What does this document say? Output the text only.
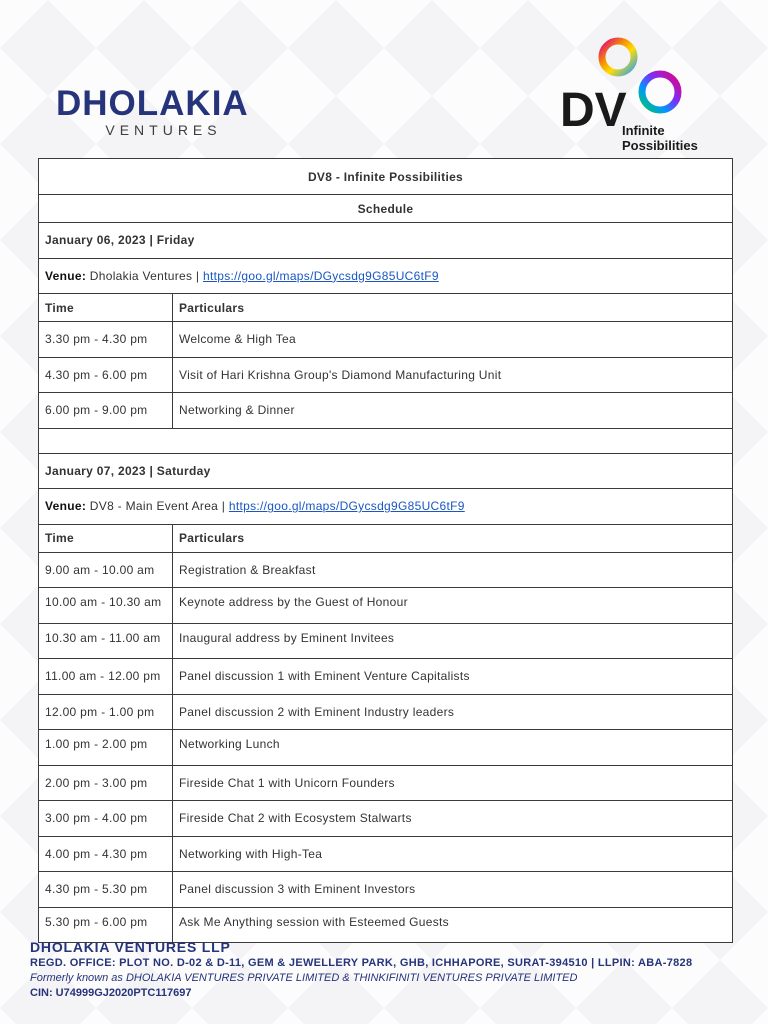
DHOLAKIA
VENTURES	DV
Infinite
Possibilities
DV8 - Infinite Possibilities	
Schedule	
January 06, 2023 | Friday	
Venue: Dholakia Ventures | https://goo.gl/maps/DGycsdg9G85UC6tF9	
Time	Particulars
3.30 pm - 4.30 pm	Welcome & High Tea
4.30 pm - 6.00 pm	Visit of Hari Krishna Group's Diamond Manufacturing Unit
6.00 pm - 9.00 pm	Networking & Dinner

January 07, 2023 | Saturday	
Venue: DV8 - Main Event Area | https://goo.gl/maps/DGycsdg9G85UC6tF9	
Time	Particulars
9.00 am - 10.00 am	Registration & Breakfast
10.00 am - 10.30 am	Keynote address by the Guest of Honour
10.30 am - 11.00 am	Inaugural address by Eminent Invitees
11.00 am - 12.00 pm	Panel discussion 1 with Eminent Venture Capitalists
12.00 pm - 1.00 pm	Panel discussion 2 with Eminent Industry leaders
1.00 pm - 2.00 pm	Networking Lunch
2.00 pm - 3.00 pm	Fireside Chat 1 with Unicorn Founders
3.00 pm - 4.00 pm	Fireside Chat 2 with Ecosystem Stalwarts
4.00 pm - 4.30 pm	Networking with High-Tea
4.30 pm - 5.30 pm	Panel discussion 3 with Eminent Investors
5.30 pm - 6.00 pm	Ask Me Anything session with Esteemed Guests
DHOLAKIA VENTURES LLP
REGD. OFFICE: PLOT NO. D-02 & D-11, GEM & JEWELLERY PARK, GHB, ICHHAPORE, SURAT-394510 | LLPIN: ABA-7828
Formerly known as DHOLAKIA VENTURES PRIVATE LIMITED & THINKIFINITI VENTURES PRIVATE LIMITED
CIN: U74999GJ2020PTC117697
